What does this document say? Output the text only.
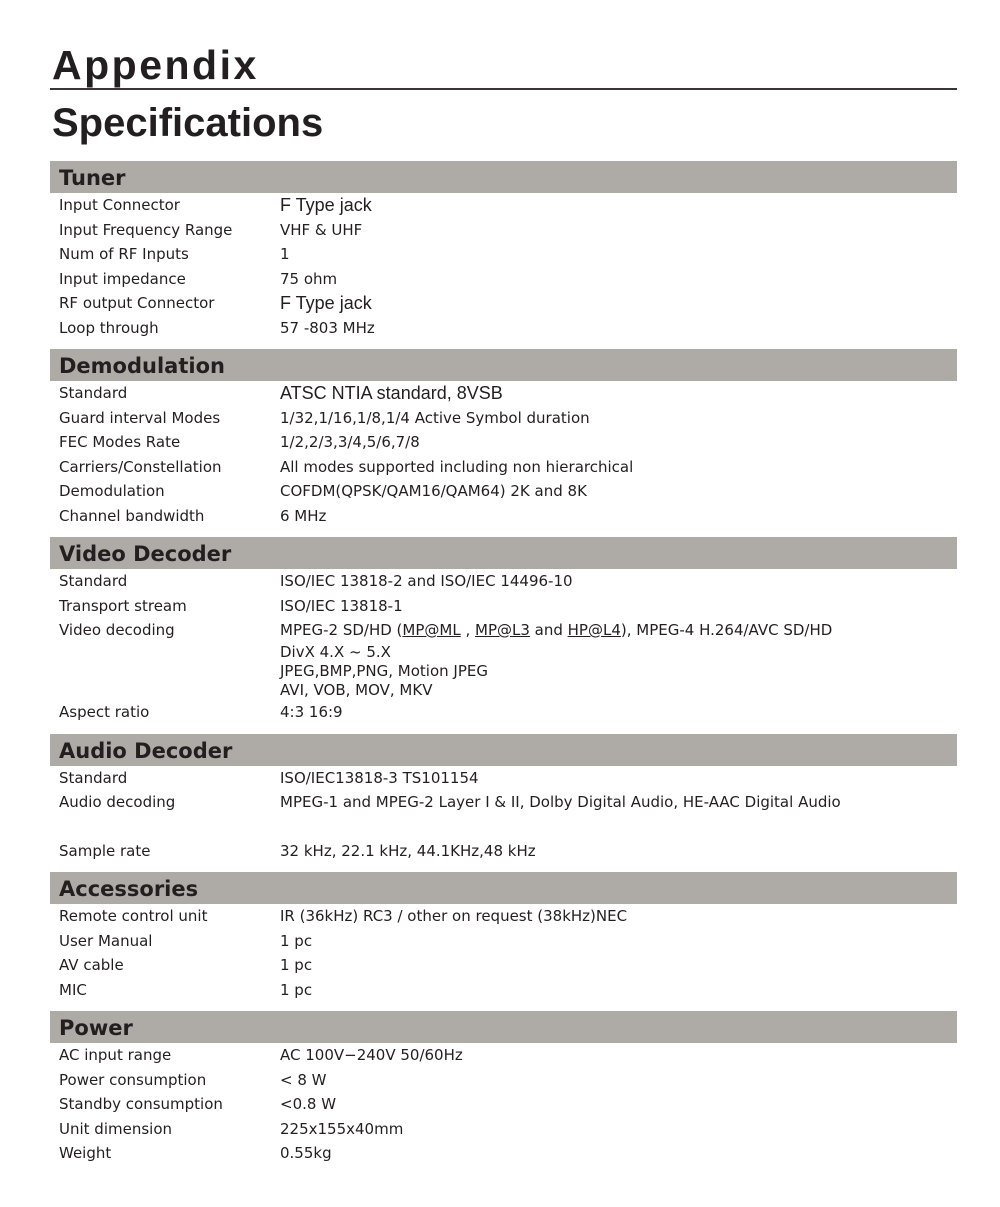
Appendix
Specifications
Tuner
Input Connector	F Type jack
Input Frequency Range	VHF & UHF
Num of RF Inputs	1
Input impedance	75 ohm
RF output Connector	F Type jack
Loop through	57 -803 MHz
Demodulation
Standard	ATSC NTIA standard, 8VSB
Guard interval Modes	1/32,1/16,1/8,1/4 Active Symbol duration
FEC Modes Rate	1/2,2/3,3/4,5/6,7/8
Carriers/Constellation	All modes supported including non hierarchical
Demodulation	COFDM(QPSK/QAM16/QAM64) 2K and 8K
Channel bandwidth	6 MHz
Video Decoder
Standard	ISO/IEC 13818-2 and ISO/IEC 14496-10
Transport stream	ISO/IEC 13818-1
Video decoding	MPEG-2 SD/HD (MP@ML , MP@L3 and HP@L4), MPEG-4 H.264/AVC SD/HD
DivX 4.X ~ 5.X
JPEG,BMP,PNG, Motion JPEG
AVI, VOB, MOV, MKV
Aspect ratio	4:3 16:9
Audio Decoder
Standard	ISO/IEC13818-3 TS101154
Audio decoding	MPEG-1 and MPEG-2 Layer I & II, Dolby Digital Audio, HE-AAC Digital Audio
Sample rate	32 kHz, 22.1 kHz, 44.1KHz,48 kHz
Accessories
Remote control unit	IR (36kHz) RC3 / other on request (38kHz)NEC
User Manual	1 pc
AV cable	1 pc
MIC	1 pc
Power
AC input range	AC 100V−240V 50/60Hz
Power consumption	< 8 W
Standby consumption	<0.8 W
Unit dimension	225x155x40mm
Weight	0.55kg
